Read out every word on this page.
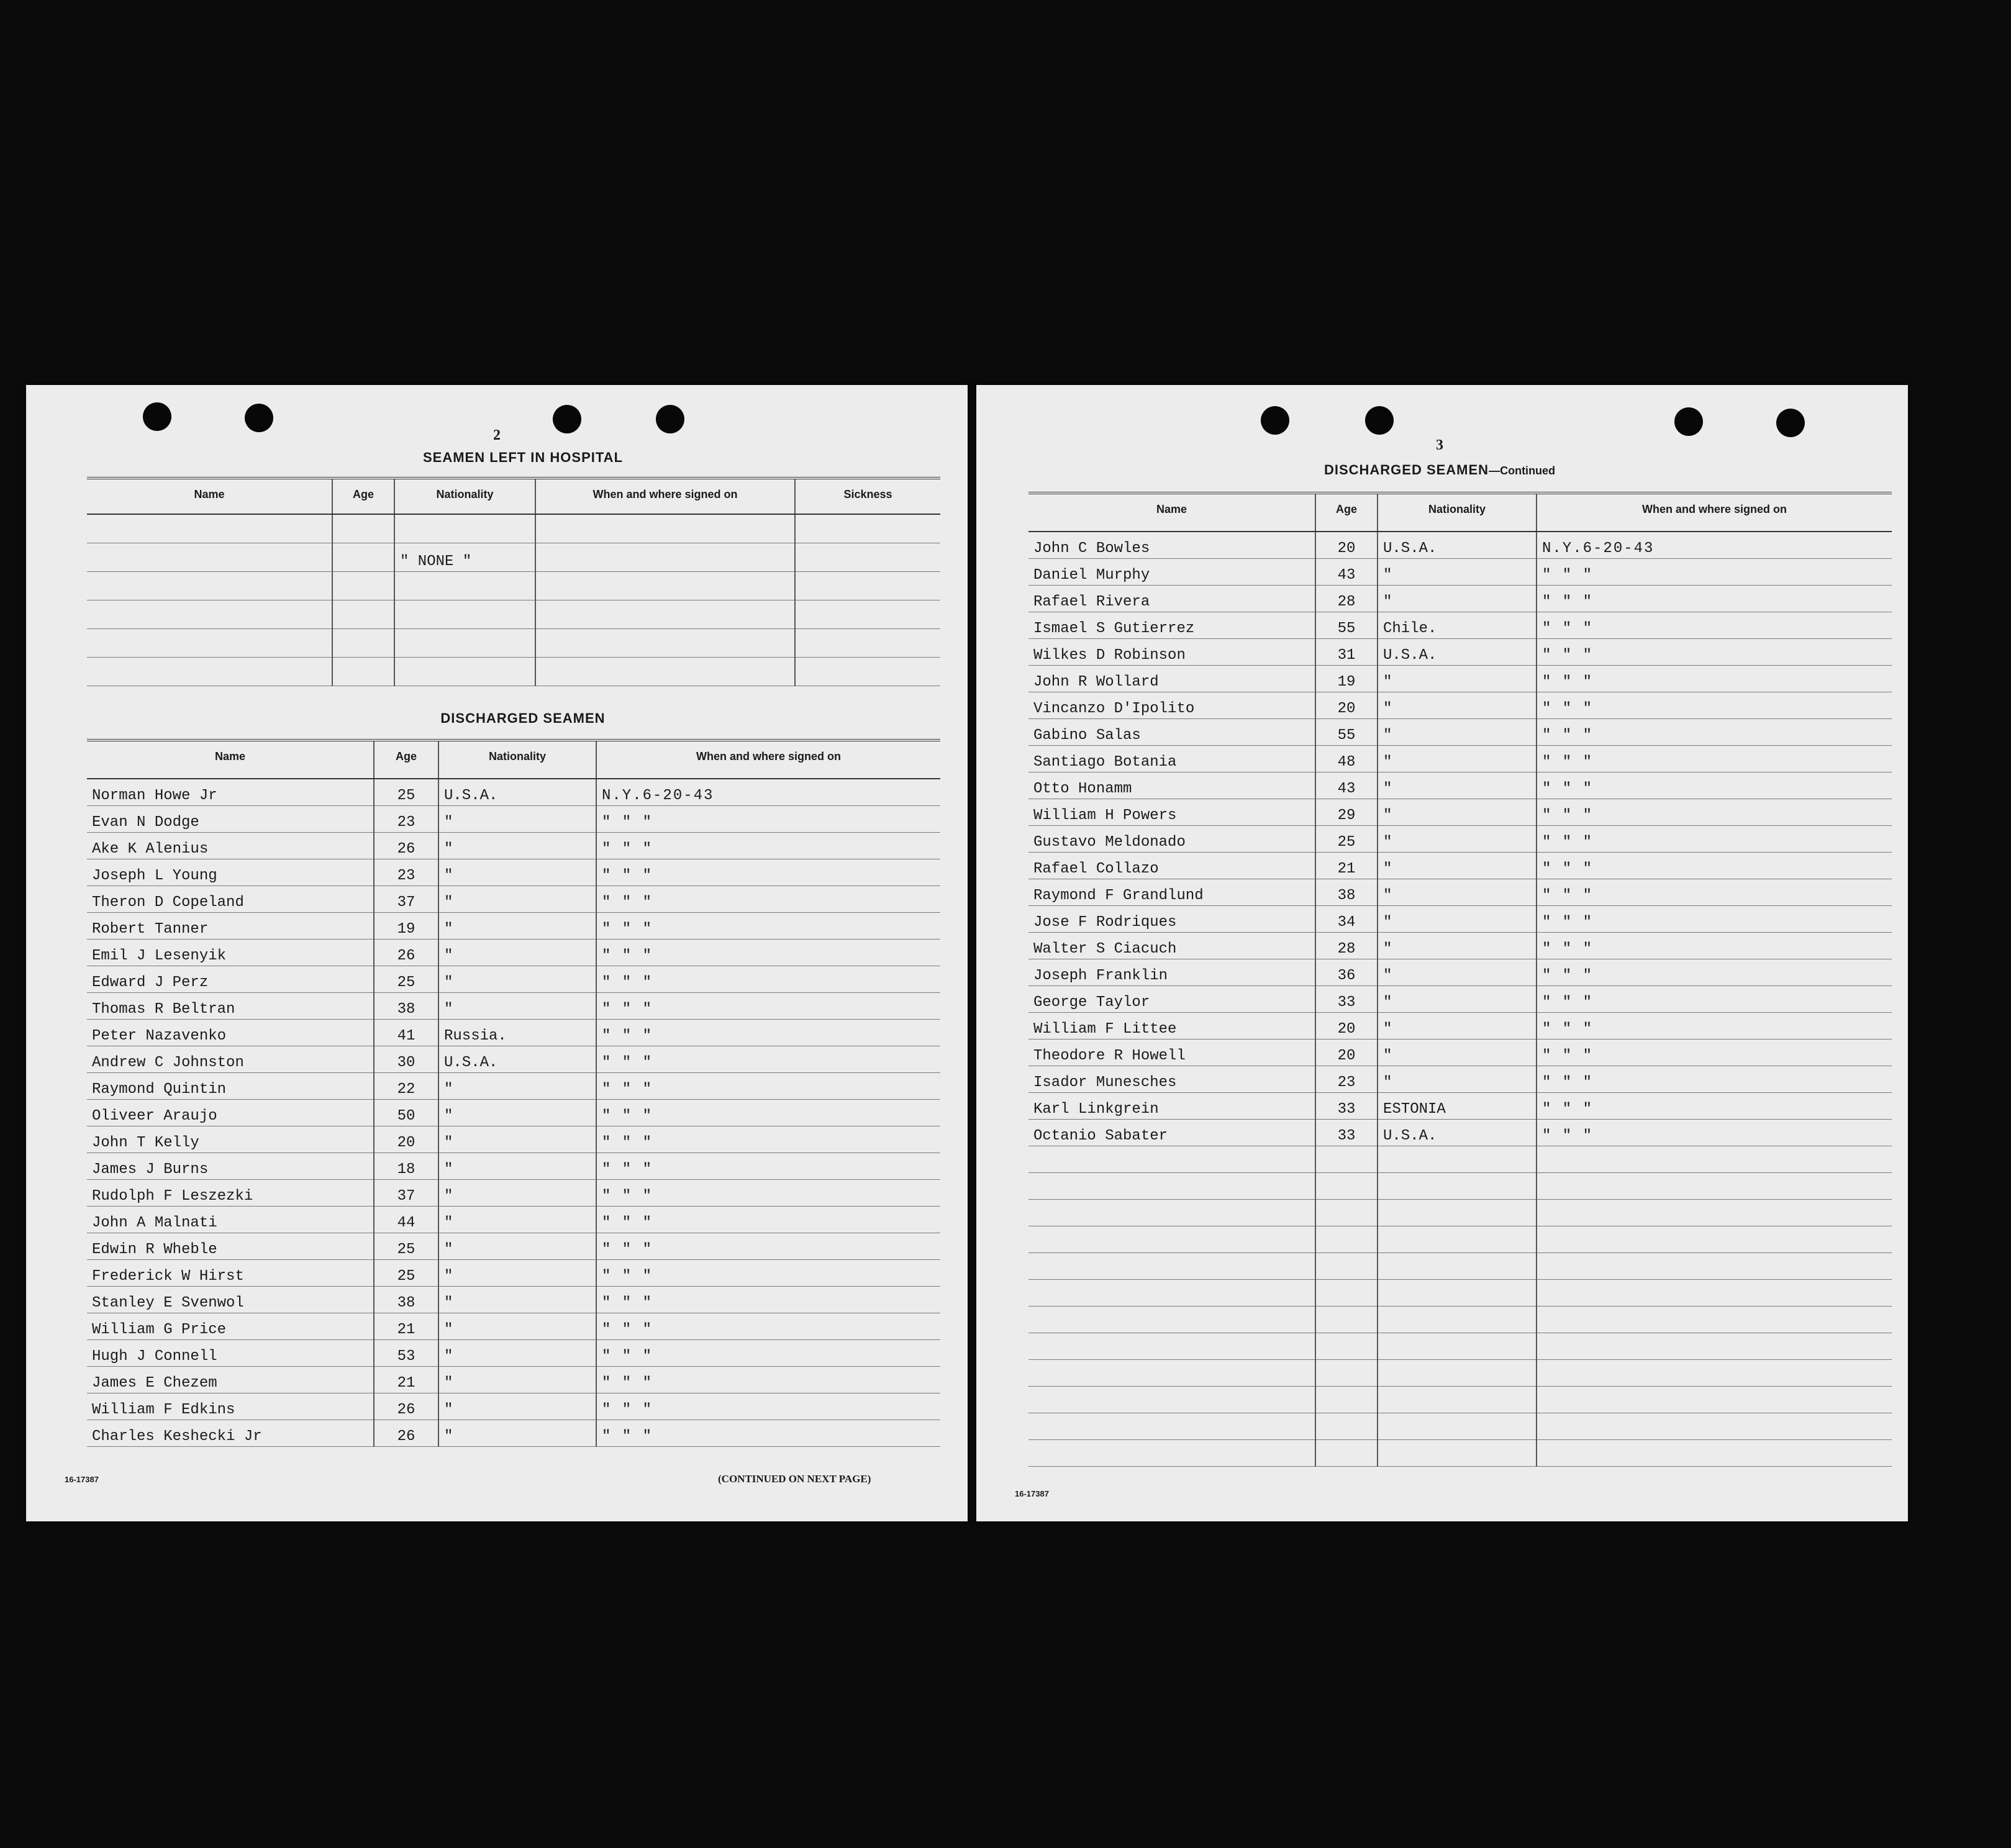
2
SEAMEN LEFT IN HOSPITAL
Name	Age	Nationality	When and where signed on	Sickness

		" NONE "		

DISCHARGED SEAMEN
Name	Age	Nationality	When and where signed on
Norman Howe Jr	25	U.S.A.	N.Y.6-20-43
Evan N Dodge	23	"	" " "
Ake K Alenius	26	"	" " "
Joseph L Young	23	"	" " "
Theron D Copeland	37	"	" " "
Robert Tanner	19	"	" " "
Emil J Lesenyik	26	"	" " "
Edward J Perz	25	"	" " "
Thomas R Beltran	38	"	" " "
Peter Nazavenko	41	Russia.	" " "
Andrew C Johnston	30	U.S.A.	" " "
Raymond Quintin	22	"	" " "
Oliveer Araujo	50	"	" " "
John T Kelly	20	"	" " "
James J Burns	18	"	" " "
Rudolph F Leszezki	37	"	" " "
John A Malnati	44	"	" " "
Edwin R Wheble	25	"	" " "
Frederick W Hirst	25	"	" " "
Stanley E Svenwol	38	"	" " "
William G Price	21	"	" " "
Hugh J Connell	53	"	" " "
James E Chezem	21	"	" " "
William F Edkins	26	"	" " "
Charles Keshecki Jr	26	"	" " "
16-17387	(CONTINUED ON NEXT PAGE)
3
DISCHARGED SEAMEN—Continued
Name	Age	Nationality	When and where signed on
John C Bowles	20	U.S.A.	N.Y.6-20-43
Daniel Murphy	43	"	" " "
Rafael Rivera	28	"	" " "
Ismael S Gutierrez	55	Chile.	" " "
Wilkes D Robinson	31	U.S.A.	" " "
John R Wollard	19	"	" " "
Vincanzo D'Ipolito	20	"	" " "
Gabino Salas	55	"	" " "
Santiago Botania	48	"	" " "
Otto Honamm	43	"	" " "
William H Powers	29	"	" " "
Gustavo Meldonado	25	"	" " "
Rafael Collazo	21	"	" " "
Raymond F Grandlund	38	"	" " "
Jose F Rodriques	34	"	" " "
Walter S Ciacuch	28	"	" " "
Joseph Franklin	36	"	" " "
George Taylor	33	"	" " "
William F Littee	20	"	" " "
Theodore R Howell	20	"	" " "
Isador Munesches	23	"	" " "
Karl Linkgrein	33	ESTONIA	" " "
Octanio Sabater	33	U.S.A.	" " "

16-17387
